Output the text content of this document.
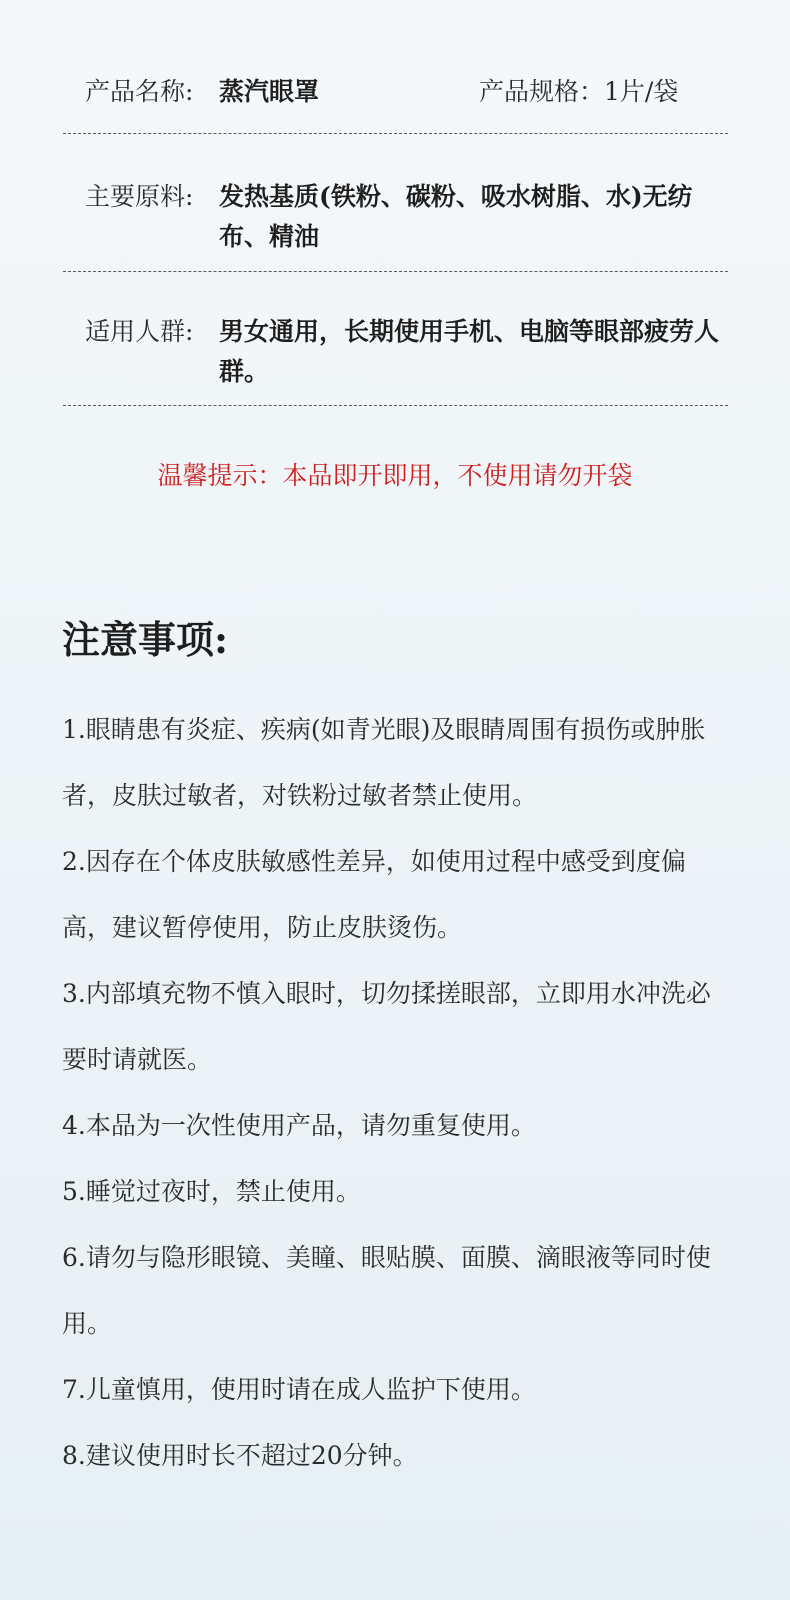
产品名称:	蒸汽眼罩	产品规格：1片/袋
主要原料:	发热基质(铁粉、碳粉、吸水树脂、水)无纺布、精油
适用人群:	男女通用，长期使用手机、电脑等眼部疲劳人群。
温馨提示：本品即开即用，不使用请勿开袋
注意事项:
1.眼睛患有炎症、疾病(如青光眼)及眼睛周围有损伤或肿胀者，皮肤过敏者，对铁粉过敏者禁止使用。
2.因存在个体皮肤敏感性差异，如使用过程中感受到度偏高，建议暂停使用，防止皮肤烫伤。
3.内部填充物不慎入眼时，切勿揉搓眼部，立即用水冲洗必要时请就医。
4.本品为一次性使用产品，请勿重复使用。
5.睡觉过夜时，禁止使用。
6.请勿与隐形眼镜、美瞳、眼贴膜、面膜、滴眼液等同时使用。
7.儿童慎用，使用时请在成人监护下使用。
8.建议使用时长不超过20分钟。
